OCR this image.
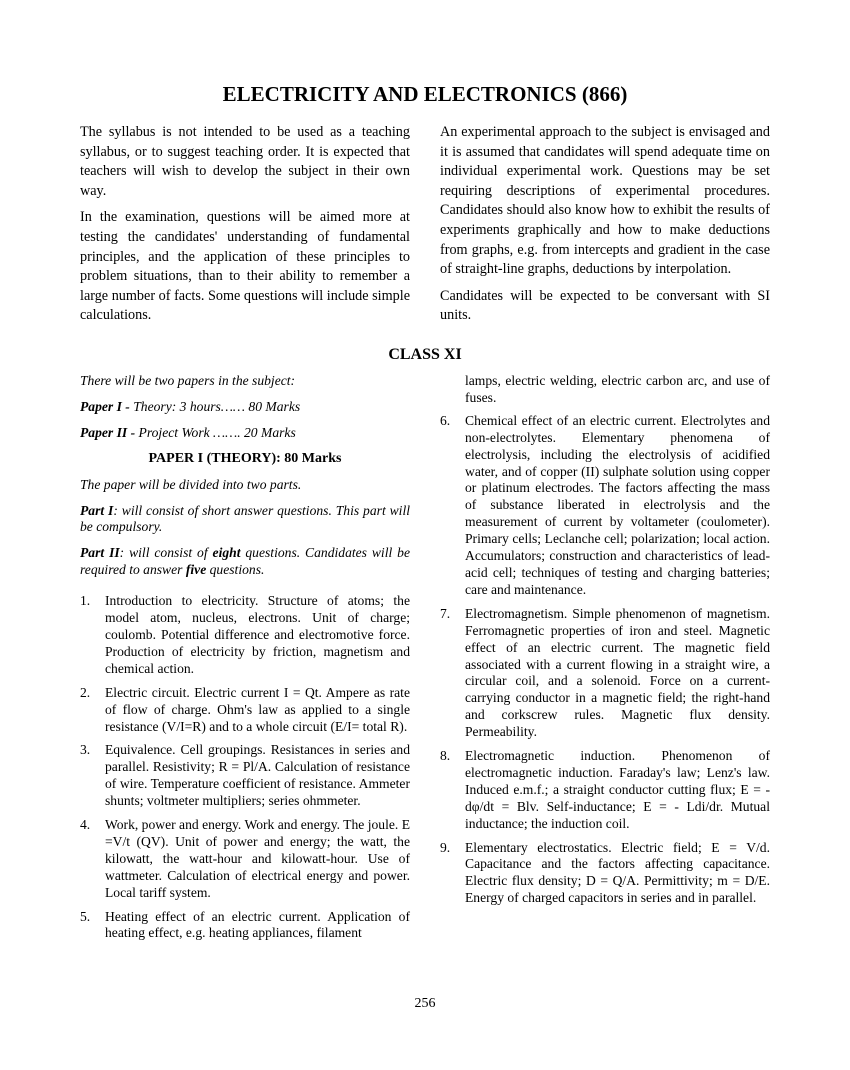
ELECTRICITY AND ELECTRONICS (866)

The syllabus is not intended to be used as a teaching syllabus, or to suggest teaching order. It is expected that teachers will wish to develop the subject in their own way.

In the examination, questions will be aimed more at testing the candidates' understanding of fundamental principles, and the application of these principles to problem situations, than to their ability to remember a large number of facts. Some questions will include simple calculations.

An experimental approach to the subject is envisaged and it is assumed that candidates will spend adequate time on individual experimental work. Questions may be set requiring descriptions of experimental procedures. Candidates should also know how to exhibit the results of experiments graphically and how to make deductions from graphs, e.g. from intercepts and gradient in the case of straight-line graphs, deductions by interpolation.

Candidates will be expected to be conversant with SI units.

CLASS XI

There will be two papers in the subject:

Paper I - Theory: 3 hours…… 80 Marks

Paper II - Project Work ……. 20 Marks

PAPER I (THEORY): 80 Marks

The paper will be divided into two parts.

Part I: will consist of short answer questions. This part will be compulsory.

Part II: will consist of eight questions. Candidates will be required to answer five questions.

1. Introduction to electricity. Structure of atoms; the model atom, nucleus, electrons. Unit of charge; coulomb. Potential difference and electromotive force. Production of electricity by friction, magnetism and chemical action.
2. Electric circuit. Electric current I = Qt. Ampere as rate of flow of charge. Ohm's law as applied to a single resistance (V/I=R) and to a whole circuit (E/I= total R).
3. Equivalence. Cell groupings. Resistances in series and parallel. Resistivity; R = Pl/A. Calculation of resistance of wire. Temperature coefficient of resistance. Ammeter shunts; voltmeter multipliers; series ohmmeter.
4. Work, power and energy. Work and energy. The joule. E =V/t (QV). Unit of power and energy; the watt, the kilowatt, the watt-hour and kilowatt-hour. Use of wattmeter. Calculation of electrical energy and power. Local tariff system.
5. Heating effect of an electric current. Application of heating effect, e.g. heating appliances, filament

lamps, electric welding, electric carbon arc, and use of fuses.

6. Chemical effect of an electric current. Electrolytes and non-electrolytes. Elementary phenomena of electrolysis, including the electrolysis of acidified water, and of copper (II) sulphate solution using copper or platinum electrodes. The factors affecting the mass of substance liberated in electrolysis and the measurement of current by voltameter (coulometer). Primary cells; Leclanche cell; polarization; local action. Accumulators; construction and characteristics of lead-acid cell; techniques of testing and charging batteries; care and maintenance.
7. Electromagnetism. Simple phenomenon of magnetism. Ferromagnetic properties of iron and steel. Magnetic effect of an electric current. The magnetic field associated with a current flowing in a straight wire, a circular coil, and a solenoid. Force on a current-carrying conductor in a magnetic field; the right-hand and corkscrew rules. Magnetic flux density. Permeability.
8. Electromagnetic induction. Phenomenon of electromagnetic induction. Faraday's law; Lenz's law. Induced e.m.f.; a straight conductor cutting flux; E = - dφ/dt = Blv. Self-inductance; E = - Ldi/dr. Mutual inductance; the induction coil.
9. Elementary electrostatics. Electric field; E = V/d. Capacitance and the factors affecting capacitance. Electric flux density; D = Q/A. Permittivity; m = D/E. Energy of charged capacitors in series and in parallel.
256
